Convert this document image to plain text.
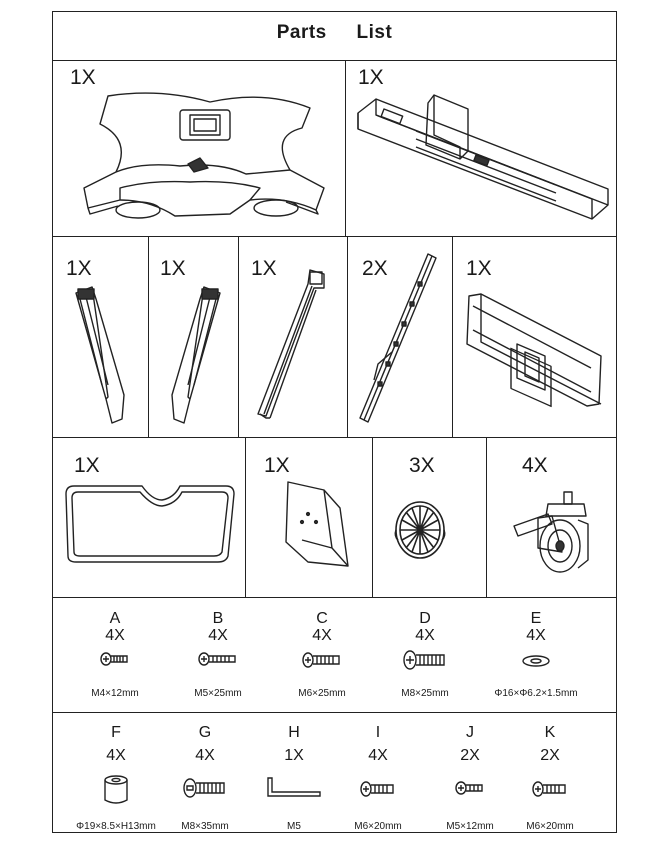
Parts List
1X	1X
1X	1X	1X	2X	1X
1X	1X	3X	4X
A
4X
M4×12mm
B
4X
M5×25mm
C
4X
M6×25mm
D
4X
M8×25mm
E
4X
Φ16×Φ6.2×1.5mm
F
4X
Φ19×8.5×H13mm
G
4X
M8×35mm
H
1X
M5
I
4X
M6×20mm
J
2X
M5×12mm
K
2X
M6×20mm
